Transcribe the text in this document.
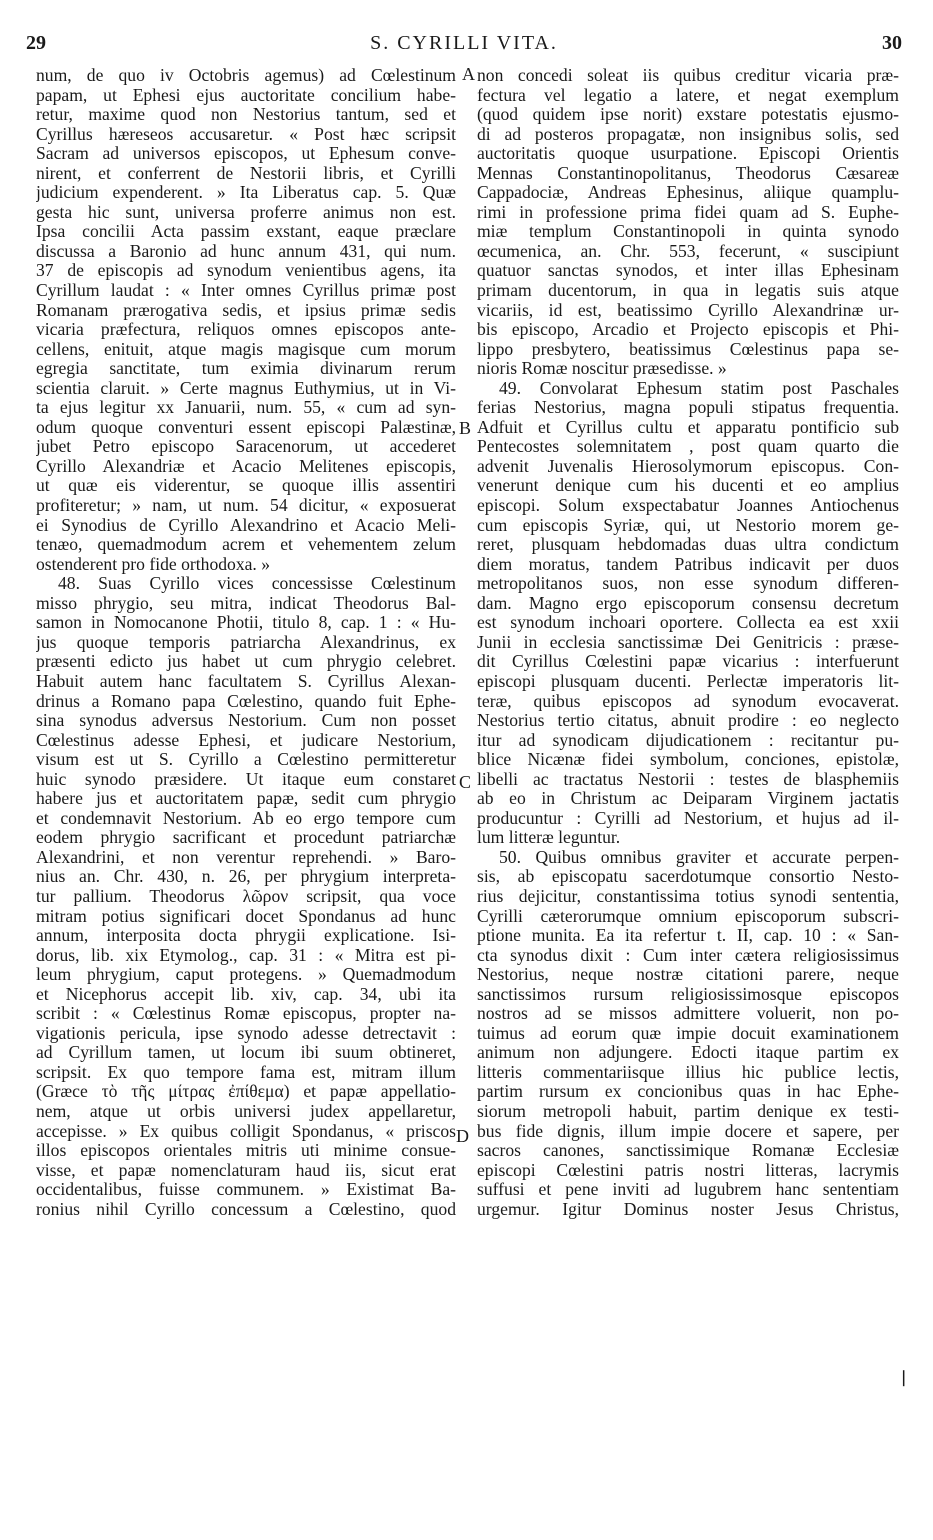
29	S. CYRILLI VITA.	30
num, de quo iv Octobris agemus) ad Cœlestinum
papam, ut Ephesi ejus auctoritate concilium habe-
retur, maxime quod non Nestorius tantum, sed et
Cyrillus hæreseos accusaretur. « Post hæc scripsit
Sacram ad universos episcopos, ut Ephesum conve-
nirent, et conferrent de Nestorii libris, et Cyrilli
judicium expenderent. » Ita Liberatus cap. 5. Quæ
gesta hic sunt, universa proferre animus non est.
Ipsa concilii Acta passim exstant, eaque præclare
discussa a Baronio ad hunc annum 431, qui num.
37 de episcopis ad synodum venientibus agens, ita
Cyrillum laudat : « Inter omnes Cyrillus primæ post
Romanam prærogativa sedis, et ipsius primæ sedis
vicaria præfectura, reliquos omnes episcopos ante-
cellens, enituit, atque magis magisque cum morum
egregia sanctitate, tum eximia divinarum rerum
scientia claruit. » Certe magnus Euthymius, ut in Vi-
ta ejus legitur xx Januarii, num. 55, « cum ad syn-
odum quoque conventuri essent episcopi Palæstinæ,
jubet Petro episcopo Saracenorum, ut accederet
Cyrillo Alexandriæ et Acacio Melitenes episcopis,
ut quæ eis viderentur, se quoque illis assentiri
profiteretur; » nam, ut num. 54 dicitur, « exposuerat
ei Synodius de Cyrillo Alexandrino et Acacio Meli-
tenæo, quemadmodum acrem et vehementem zelum
ostenderent pro fide orthodoxa. »
48. Suas Cyrillo vices concessisse Cœlestinum
misso phrygio, seu mitra, indicat Theodorus Bal-
samon in Nomocanone Photii, titulo 8, cap. 1 : « Hu-
jus quoque temporis patriarcha Alexandrinus, ex
præsenti edicto jus habet ut cum phrygio celebret.
Habuit autem hanc facultatem S. Cyrillus Alexan-
drinus a Romano papa Cœlestino, quando fuit Ephe-
sina synodus adversus Nestorium. Cum non posset
Cœlestinus adesse Ephesi, et judicare Nestorium,
visum est ut S. Cyrillo a Cœlestino permitteretur
huic synodo præsidere. Ut itaque eum constaret
habere jus et auctoritatem papæ, sedit cum phrygio
et condemnavit Nestorium. Ab eo ergo tempore cum
eodem phrygio sacrificant et procedunt patriarchæ
Alexandrini, et non verentur reprehendi. » Baro-
nius an. Chr. 430, n. 26, per phrygium interpreta-
tur pallium. Theodorus λῶρον scripsit, qua voce
mitram potius significari docet Spondanus ad hunc
annum, interposita docta phrygii explicatione. Isi-
dorus, lib. xix Etymolog., cap. 31 : « Mitra est pi-
leum phrygium, caput protegens. » Quemadmodum
et Nicephorus accepit lib. xiv, cap. 34, ubi ita
scribit : « Cœlestinus Romæ episcopus, propter na-
vigationis pericula, ipse synodo adesse detrectavit :
ad Cyrillum tamen, ut locum ibi suum obtineret,
scripsit. Ex quo tempore fama est, mitram illum
(Græce τὸ τῆς μίτρας ἐπίθεμα) et papæ appellatio-
nem, atque ut orbis universi judex appellaretur,
accepisse. » Ex quibus colligit Spondanus, « priscos
illos episcopos orientales mitris uti minime consue-
visse, et papæ nomenclaturam haud iis, sicut erat
occidentalibus, fuisse communem. » Existimat Ba-
ronius nihil Cyrillo concessum a Cœlestino, quod
non concedi soleat iis quibus creditur vicaria præ-
fectura vel legatio a latere, et negat exemplum
(quod quidem ipse norit) exstare potestatis ejusmo-
di ad posteros propagatæ, non insignibus solis, sed
auctoritatis quoque usurpatione. Episcopi Orientis
Mennas Constantinopolitanus, Theodorus Cæsareæ
Cappadociæ, Andreas Ephesinus, aliique quamplu-
rimi in professione prima fidei quam ad S. Euphe-
miæ templum Constantinopoli in quinta synodo
œcumenica, an. Chr. 553, fecerunt, « suscipiunt
quatuor sanctas synodos, et inter illas Ephesinam
primam ducentorum, in qua in legatis suis atque
vicariis, id est, beatissimo Cyrillo Alexandrinæ ur-
bis episcopo, Arcadio et Projecto episcopis et Phi-
lippo presbytero, beatissimus Cœlestinus papa se-
nioris Romæ noscitur præsedisse. »
49. Convolarat Ephesum statim post Paschales
ferias Nestorius, magna populi stipatus frequentia.
Adfuit et Cyrillus cultu et apparatu pontificio sub
Pentecostes solemnitatem , post quam quarto die
advenit Juvenalis Hierosolymorum episcopus. Con-
venerunt denique cum his ducenti et eo amplius
episcopi. Solum exspectabatur Joannes Antiochenus
cum episcopis Syriæ, qui, ut Nestorio morem ge-
reret, plusquam hebdomadas duas ultra condictum
diem moratus, tandem Patribus indicavit per duos
metropolitanos suos, non esse synodum differen-
dam. Magno ergo episcoporum consensu decretum
est synodum inchoari oportere. Collecta ea est xxii
Junii in ecclesia sanctissimæ Dei Genitricis : præse-
dit Cyrillus Cœlestini papæ vicarius : interfuerunt
episcopi plusquam ducenti. Perlectæ imperatoris lit-
teræ, quibus episcopos ad synodum evocaverat.
Nestorius tertio citatus, abnuit prodire : eo neglecto
itur ad synodicam dijudicationem : recitantur pu-
blice Nicænæ fidei symbolum, conciones, epistolæ,
libelli ac tractatus Nestorii : testes de blasphemiis
ab eo in Christum ac Deiparam Virginem jactatis
producuntur : Cyrilli ad Nestorium, et hujus ad il-
lum litteræ leguntur.
50. Quibus omnibus graviter et accurate perpen-
sis, ab episcopatu sacerdotumque consortio Nesto-
rius dejicitur, constantissima totius synodi sententia,
Cyrilli cæterorumque omnium episcoporum subscri-
ptione munita. Ea ita refertur t. II, cap. 10 : « San-
cta synodus dixit : Cum inter cætera religiosissimus
Nestorius, neque nostræ citationi parere, neque
sanctissimos rursum religiosissimosque episcopos
nostros ad se missos admittere voluerit, non po-
tuimus ad eorum quæ impie docuit examinationem
animum non adjungere. Edocti itaque partim ex
litteris commentariisque illius hic publice lectis,
partim rursum ex concionibus quas in hac Ephe-
siorum metropoli habuit, partim denique ex testi-
bus fide dignis, illum impie docere et sapere, per
sacros canones, sanctissimique Romanæ Ecclesiæ
episcopi Cœlestini patris nostri litteras, lacrymis
suffusi et pene inviti ad lugubrem hanc sententiam
urgemur. Igitur Dominus noster Jesus Christus,
A
B
C
D
⎸
